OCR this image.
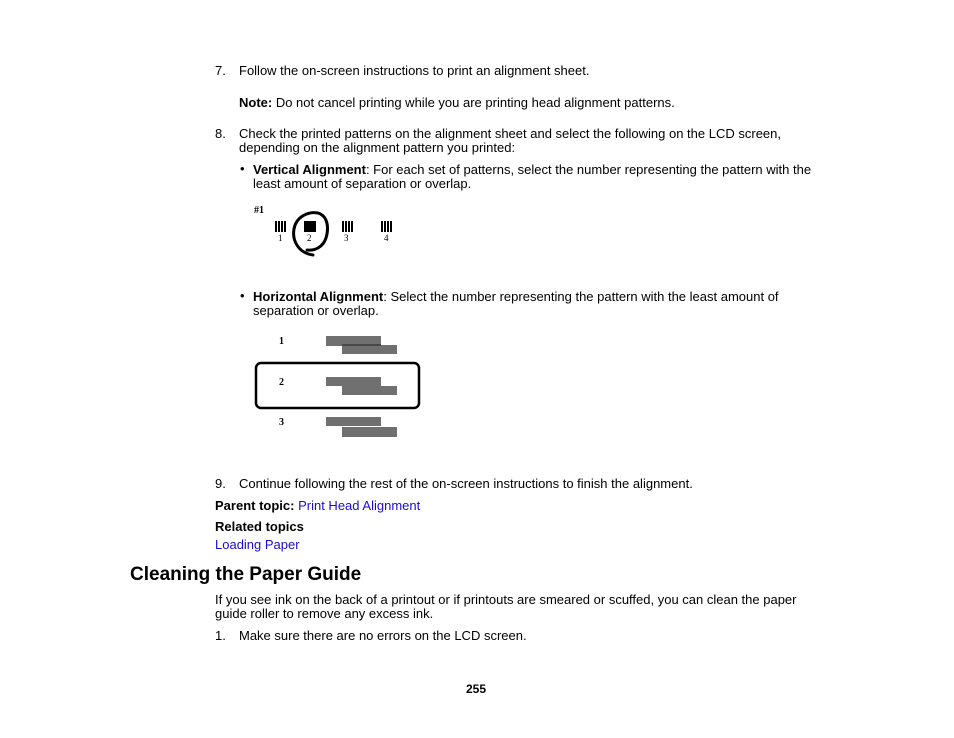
7. Follow the on-screen instructions to print an alignment sheet.
Note: Do not cancel printing while you are printing head alignment patterns.
8. Check the printed patterns on the alignment sheet and select the following on the LCD screen,
depending on the alignment pattern you printed:
• Vertical Alignment: For each set of patterns, select the number representing the pattern with the
least amount of separation or overlap.
#1
1	2	3	4
• Horizontal Alignment: Select the number representing the pattern with the least amount of
separation or overlap.
1
2
3
9. Continue following the rest of the on-screen instructions to finish the alignment.
Parent topic: Print Head Alignment
Related topics
Loading Paper
Cleaning the Paper Guide
If you see ink on the back of a printout or if printouts are smeared or scuffed, you can clean the paper
guide roller to remove any excess ink.
1. Make sure there are no errors on the LCD screen.
255
